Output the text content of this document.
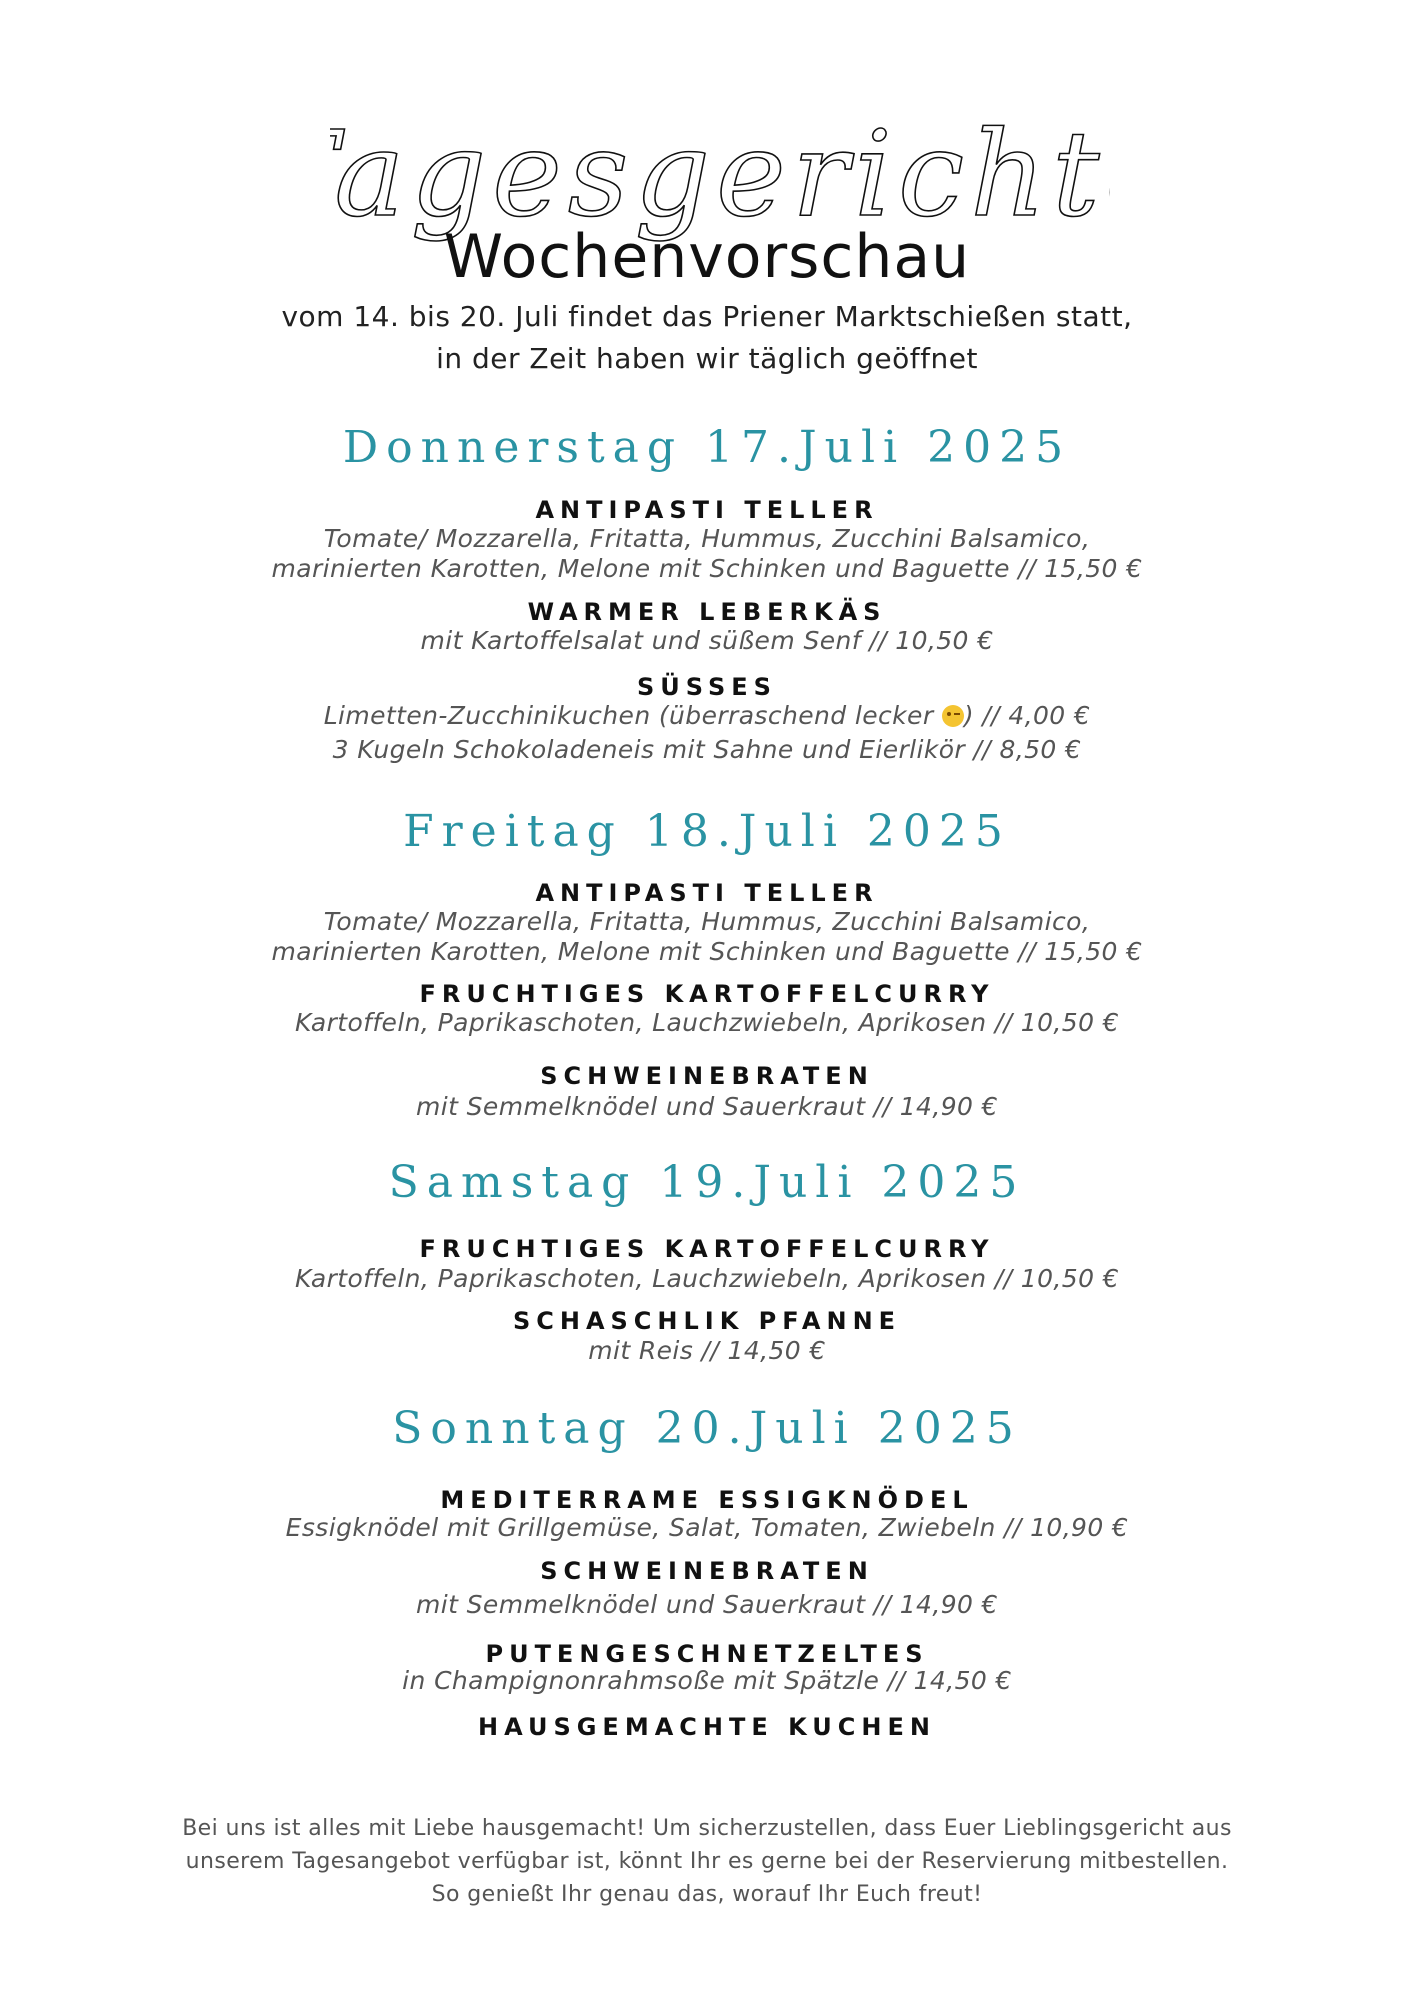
agesgericht
Wochenvorschau
vom 14. bis 20. Juli findet das Priener Marktschießen statt,
in der Zeit haben wir täglich geöffnet
Donnerstag 17.Juli 2025
ANTIPASTI TELLER
Tomate/ Mozzarella, Fritatta, Hummus, Zucchini Balsamico,
marinierten Karotten, Melone mit Schinken und Baguette // 15,50 €
WARMER LEBERKÄS
mit Kartoffelsalat und süßem Senf // 10,50 €
SÜSSES
Limetten-Zucchinikuchen (überraschend lecker ) // 4,00 €
3 Kugeln Schokoladeneis mit Sahne und Eierlikör // 8,50 €
Freitag 18.Juli 2025
ANTIPASTI TELLER
Tomate/ Mozzarella, Fritatta, Hummus, Zucchini Balsamico,
marinierten Karotten, Melone mit Schinken und Baguette // 15,50 €
FRUCHTIGES KARTOFFELCURRY
Kartoffeln, Paprikaschoten, Lauchzwiebeln, Aprikosen // 10,50 €
SCHWEINEBRATEN
mit Semmelknödel und Sauerkraut // 14,90 €
Samstag 19.Juli 2025
FRUCHTIGES KARTOFFELCURRY
Kartoffeln, Paprikaschoten, Lauchzwiebeln, Aprikosen // 10,50 €
SCHASCHLIK PFANNE
mit Reis // 14,50 €
Sonntag 20.Juli 2025
MEDITERRAME ESSIGKNÖDEL
Essigknödel mit Grillgemüse, Salat, Tomaten, Zwiebeln // 10,90 €
SCHWEINEBRATEN
mit Semmelknödel und Sauerkraut // 14,90 €
PUTENGESCHNETZELTES
in Champignonrahmsoße mit Spätzle // 14,50 €
HAUSGEMACHTE KUCHEN
Bei uns ist alles mit Liebe hausgemacht! Um sicherzustellen, dass Euer Lieblingsgericht aus
unserem Tagesangebot verfügbar ist, könnt Ihr es gerne bei der Reservierung mitbestellen.
So genießt Ihr genau das, worauf Ihr Euch freut!
